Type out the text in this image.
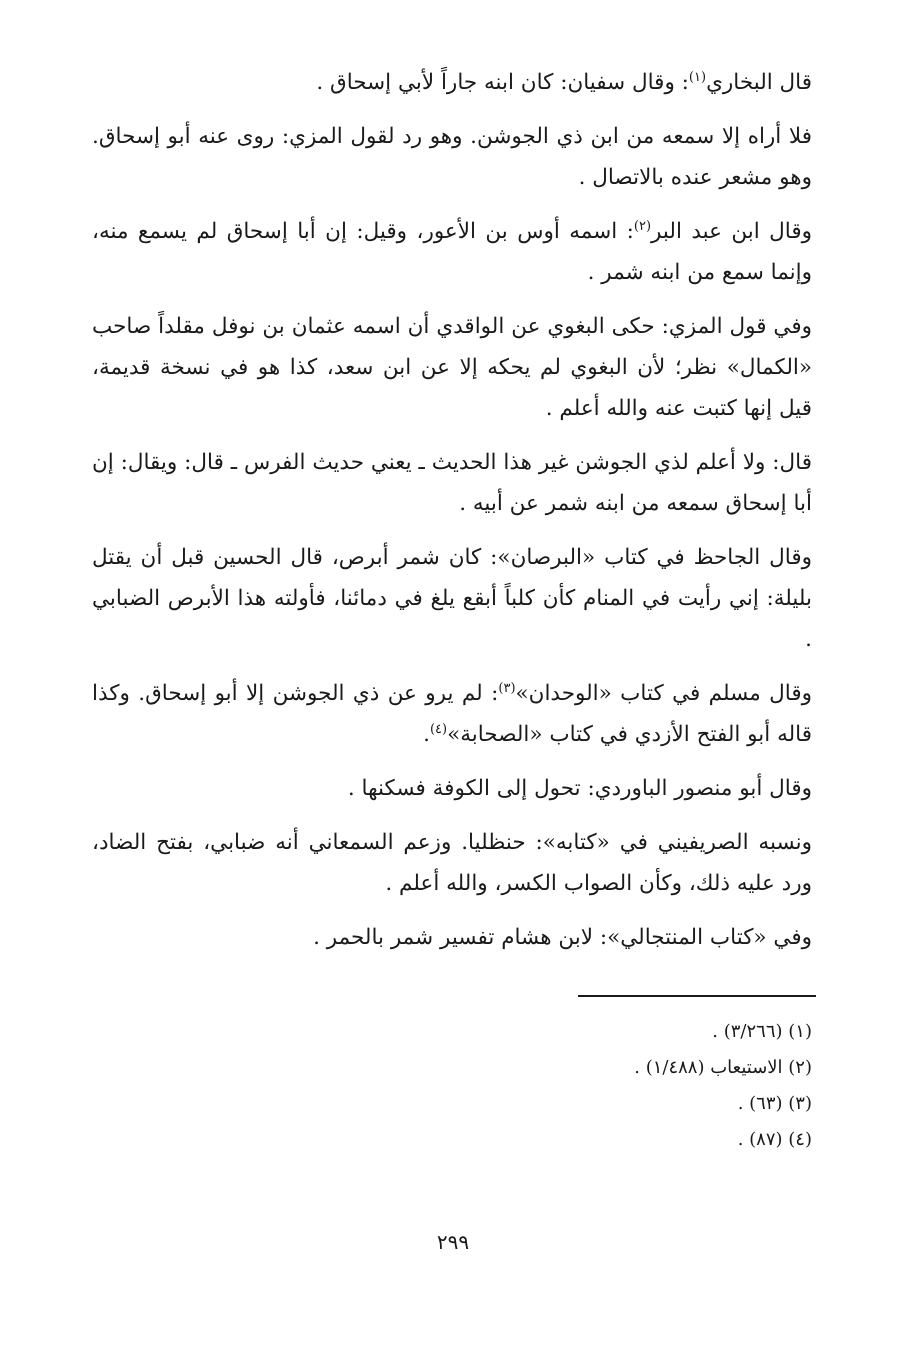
قال البخاري$^{(١)}$: وقال سفيان: كان ابنه جاراً لأبي إسحاق .

فلا أراه إلا سمعه من ابن ذي الجوشن. وهو رد لقول المزي: روى عنه أبو إسحاق. وهو مشعر عنده بالاتصال .

وقال ابن عبد البر$^{(٢)}$: اسمه أوس بن الأعور، وقيل: إن أبا إسحاق لم يسمع منه، وإنما سمع من ابنه شمر .

وفي قول المزي: حكى البغوي عن الواقدي أن اسمه عثمان بن نوفل مقلداً صاحب «الكمال» نظر؛ لأن البغوي لم يحكه إلا عن ابن سعد، كذا هو في نسخة قديمة، قيل إنها كتبت عنه والله أعلم .

قال: ولا أعلم لذي الجوشن غير هذا الحديث ـ يعني حديث الفرس ـ قال: ويقال: إن أبا إسحاق سمعه من ابنه شمر عن أبيه .

وقال الجاحظ في كتاب «البرصان»: كان شمر أبرص، قال الحسين قبل أن يقتل بليلة: إني رأيت في المنام كأن كلباً أبقع يلغ في دمائنا، فأولته هذا الأبرص الضبابي .

وقال مسلم في كتاب «الوحدان»$^{(٣)}$: لم يرو عن ذي الجوشن إلا أبو إسحاق. وكذا قاله أبو الفتح الأزدي في كتاب «الصحابة»$^{(٤)}$.

وقال أبو منصور الباوردي: تحول إلى الكوفة فسكنها .

ونسبه الصريفيني في «كتابه»: حنظليا. وزعم السمعاني أنه ضبابي، بفتح الضاد، ورد عليه ذلك، وكأن الصواب الكسر، والله أعلم .

وفي «كتاب المنتجالي»: لابن هشام تفسير شمر بالحمر .

(١) (٣/٢٦٦) .

(٢) الاستيعاب (١/٤٨٨) .

(٣) (٦٣) .

(٤) (٨٧) .

٢٩٩
